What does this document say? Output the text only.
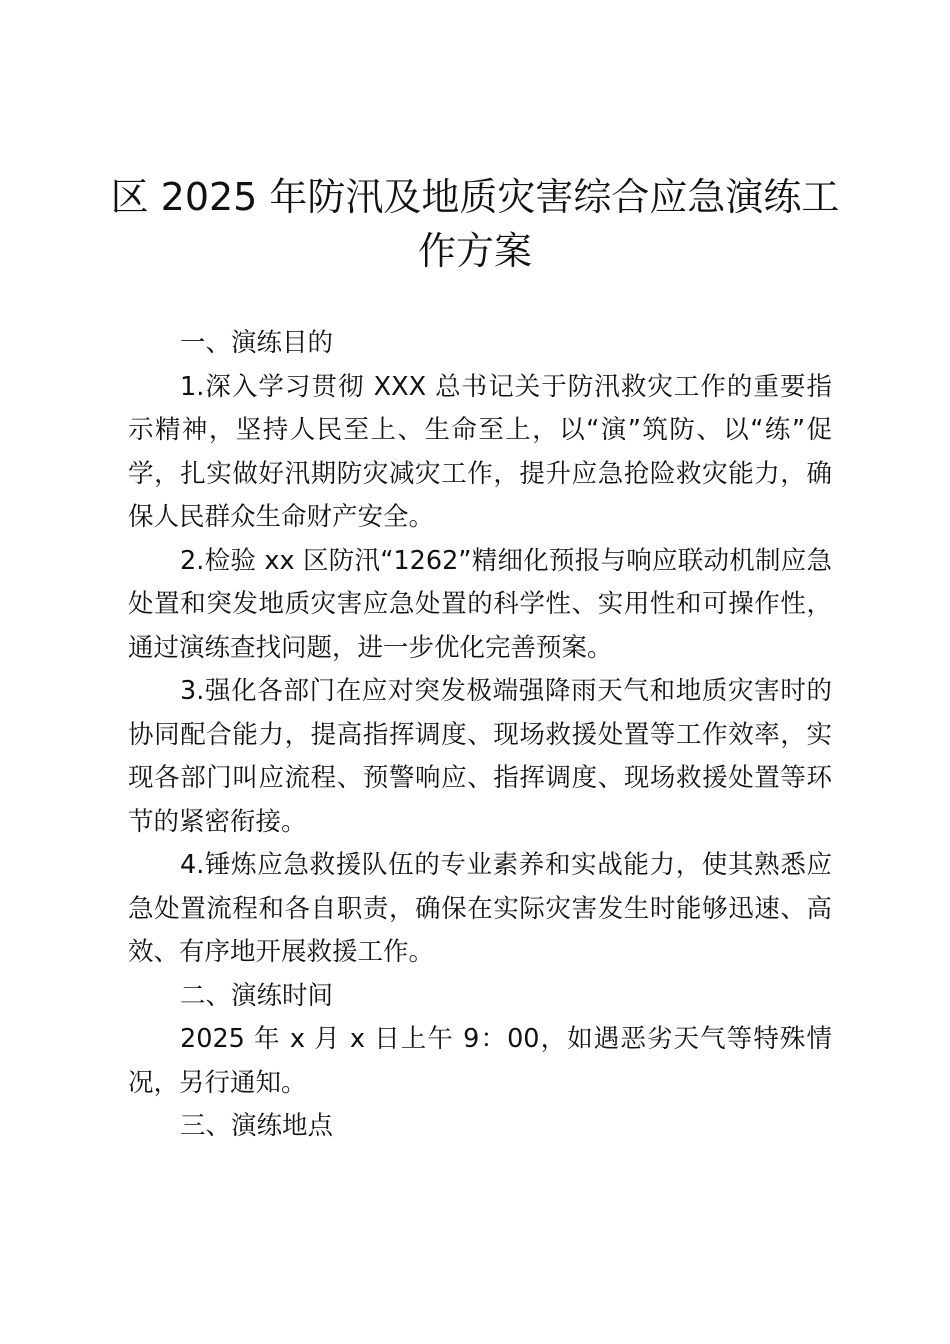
区 2025 年防汛及地质灾害综合应急演练工作方案

一、演练目的

1.深入学习贯彻 XXX 总书记关于防汛救灾工作的重要指示精神，坚持人民至上、生命至上，以“演”筑防、以“练”促学，扎实做好汛期防灾减灾工作，提升应急抢险救灾能力，确保人民群众生命财产安全。

2.检验 xx 区防汛“1262”精细化预报与响应联动机制应急处置和突发地质灾害应急处置的科学性、实用性和可操作性，通过演练查找问题，进一步优化完善预案。

3.强化各部门在应对突发极端强降雨天气和地质灾害时的协同配合能力，提高指挥调度、现场救援处置等工作效率，实现各部门叫应流程、预警响应、指挥调度、现场救援处置等环节的紧密衔接。

4.锤炼应急救援队伍的专业素养和实战能力，使其熟悉应急处置流程和各自职责，确保在实际灾害发生时能够迅速、高效、有序地开展救援工作。

二、演练时间

2025 年 x 月 x 日上午 9：00，如遇恶劣天气等特殊情况，另行通知。

三、演练地点
